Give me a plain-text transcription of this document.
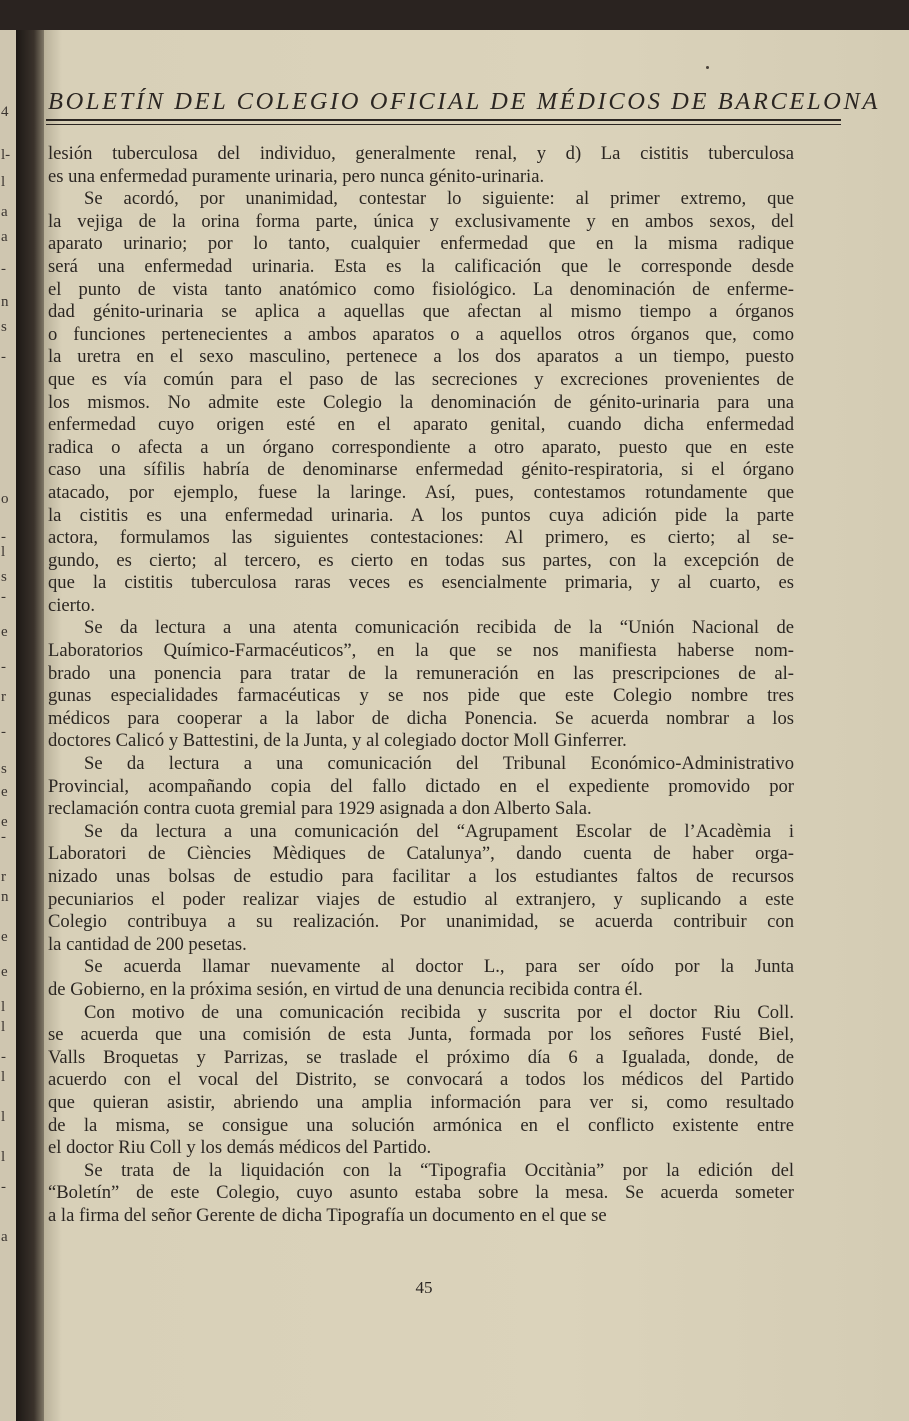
4
l-
l
a
a
-
n
s
-
o
-
l
s
-
e
-
r
-
s
e
e
-
r
n
e
e
l
l
-
l
l
l
-
a
BOLETÍN DEL COLEGIO OFICIAL DE MÉDICOS DE BARCELONA
lesión tuberculosa del individuo, generalmente renal, y d) La cistitis tuberculosa
es una enfermedad puramente urinaria, pero nunca génito-urinaria.
Se acordó, por unanimidad, contestar lo siguiente: al primer extremo, que
la vejiga de la orina forma parte, única y exclusivamente y en ambos sexos, del
aparato urinario; por lo tanto, cualquier enfermedad que en la misma radique
será una enfermedad urinaria. Esta es la calificación que le corresponde desde
el punto de vista tanto anatómico como fisiológico. La denominación de enferme-
dad génito-urinaria se aplica a aquellas que afectan al mismo tiempo a órganos
o funciones pertenecientes a ambos aparatos o a aquellos otros órganos que, como
la uretra en el sexo masculino, pertenece a los dos aparatos a un tiempo, puesto
que es vía común para el paso de las secreciones y excreciones provenientes de
los mismos. No admite este Colegio la denominación de génito-urinaria para una
enfermedad cuyo origen esté en el aparato genital, cuando dicha enfermedad
radica o afecta a un órgano correspondiente a otro aparato, puesto que en este
caso una sífilis habría de denominarse enfermedad génito-respiratoria, si el órgano
atacado, por ejemplo, fuese la laringe. Así, pues, contestamos rotundamente que
la cistitis es una enfermedad urinaria. A los puntos cuya adición pide la parte
actora, formulamos las siguientes contestaciones: Al primero, es cierto; al se-
gundo, es cierto; al tercero, es cierto en todas sus partes, con la excepción de
que la cistitis tuberculosa raras veces es esencialmente primaria, y al cuarto, es
cierto.
Se da lectura a una atenta comunicación recibida de la “Unión Nacional de
Laboratorios Químico-Farmacéuticos”, en la que se nos manifiesta haberse nom-
brado una ponencia para tratar de la remuneración en las prescripciones de al-
gunas especialidades farmacéuticas y se nos pide que este Colegio nombre tres
médicos para cooperar a la labor de dicha Ponencia. Se acuerda nombrar a los
doctores Calicó y Battestini, de la Junta, y al colegiado doctor Moll Ginferrer.
Se da lectura a una comunicación del Tribunal Económico-Administrativo
Provincial, acompañando copia del fallo dictado en el expediente promovido por
reclamación contra cuota gremial para 1929 asignada a don Alberto Sala.
Se da lectura a una comunicación del “Agrupament Escolar de l’Acadèmia i
Laboratori de Ciències Mèdiques de Catalunya”, dando cuenta de haber orga-
nizado unas bolsas de estudio para facilitar a los estudiantes faltos de recursos
pecuniarios el poder realizar viajes de estudio al extranjero, y suplicando a este
Colegio contribuya a su realización. Por unanimidad, se acuerda contribuir con
la cantidad de 200 pesetas.
Se acuerda llamar nuevamente al doctor L., para ser oído por la Junta
de Gobierno, en la próxima sesión, en virtud de una denuncia recibida contra él.
Con motivo de una comunicación recibida y suscrita por el doctor Riu Coll.
se acuerda que una comisión de esta Junta, formada por los señores Fusté Biel,
Valls Broquetas y Parrizas, se traslade el próximo día 6 a Igualada, donde, de
acuerdo con el vocal del Distrito, se convocará a todos los médicos del Partido
que quieran asistir, abriendo una amplia información para ver si, como resultado
de la misma, se consigue una solución armónica en el conflicto existente entre
el doctor Riu Coll y los demás médicos del Partido.
Se trata de la liquidación con la “Tipografia Occitània” por la edición del
“Boletín” de este Colegio, cuyo asunto estaba sobre la mesa. Se acuerda someter
a la firma del señor Gerente de dicha Tipografía un documento en el que se
45
